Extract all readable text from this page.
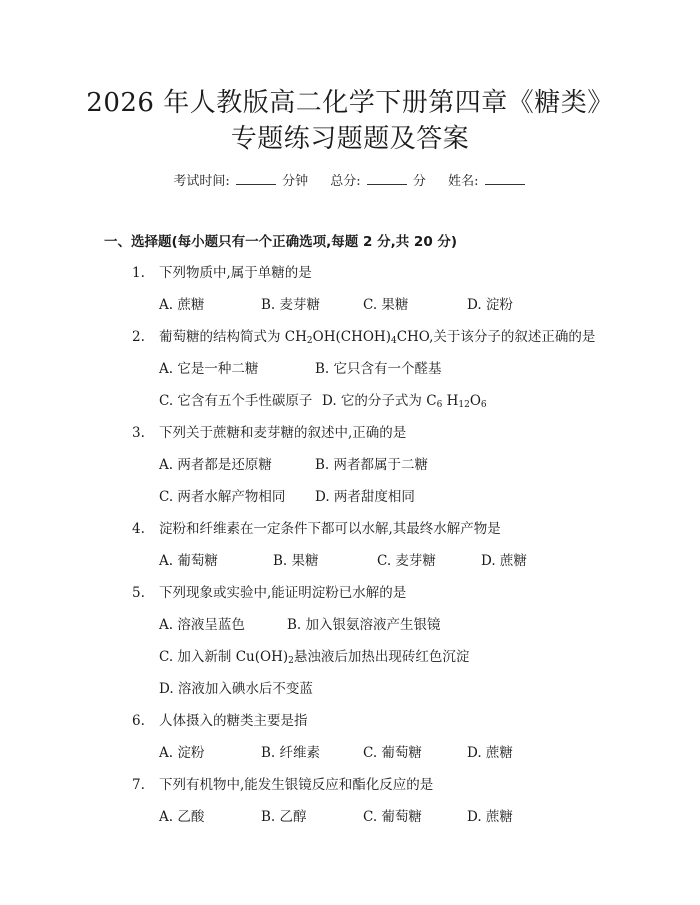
2026 年人教版高二化学下册第四章《糖类》
专题练习题题及答案
考试时间:	分钟 总分:	分 姓名:
一、选择题(每小题只有一个正确选项,每题 2 分,共 20 分)
1. 下列物质中,属于单糖的是
A. 蔗糖	B. 麦芽糖	C. 果糖	D. 淀粉
2. 葡萄糖的结构简式为 $CH_2OH(CHOH)_4CHO$,关于该分子的叙述正确的是
A. 它是一种二糖	B. 它只含有一个醛基
C. 它含有五个手性碳原子 D. 它的分子式为 $C_6$ $H_{12}O_6$
3. 下列关于蔗糖和麦芽糖的叙述中,正确的是
A. 两者都是还原糖	B. 两者都属于二糖
C. 两者水解产物相同 D. 两者甜度相同
4. 淀粉和纤维素在一定条件下都可以水解,其最终水解产物是
A. 葡萄糖	B. 果糖	C. 麦芽糖	D. 蔗糖
5. 下列现象或实验中,能证明淀粉已水解的是
A. 溶液呈蓝色	B. 加入银氨溶液产生银镜
C. 加入新制 $Cu(OH)_2$悬浊液后加热出现砖红色沉淀
D. 溶液加入碘水后不变蓝
6. 人体摄入的糖类主要是指
A. 淀粉	B. 纤维素	C. 葡萄糖	D. 蔗糖
7. 下列有机物中,能发生银镜反应和酯化反应的是
A. 乙酸	B. 乙醇	C. 葡萄糖	D. 蔗糖
